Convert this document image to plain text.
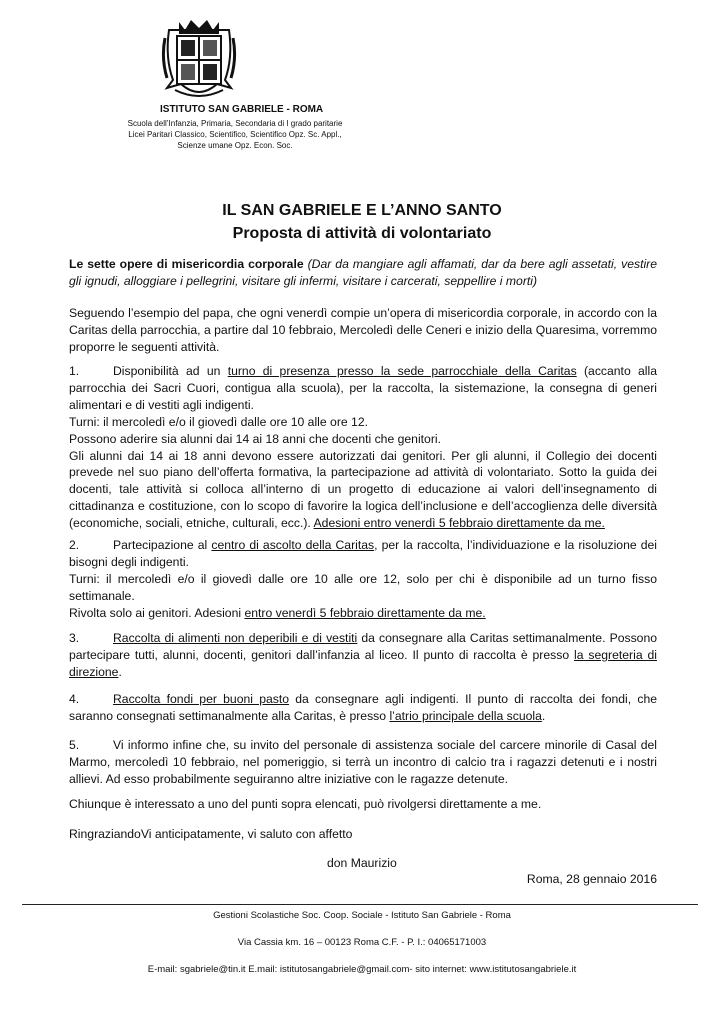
ISTITUTO SAN GABRIELE - ROMA
Scuola dell’Infanzia, Primaria, Secondaria di I grado paritarie
Licei Paritari Classico, Scientifico, Scientifico Opz. Sc. Appl.,
Scienze umane Opz. Econ. Soc.
IL SAN GABRIELE E L’ANNO SANTO
Proposta di attività di volontariato
Le sette opere di misericordia corporale (Dar da mangiare agli affamati, dar da bere agli assetati, vestire gli ignudi, alloggiare i pellegrini, visitare gli infermi, visitare i carcerati, seppellire i morti)
Seguendo l’esempio del papa, che ogni venerdì compie un’opera di misericordia corporale, in accordo con la Caritas della parrocchia, a partire dal 10 febbraio, Mercoledì delle Ceneri e inizio della Quaresima, vorremmo proporre le seguenti attività.

1.	Disponibilità ad un turno di presenza presso la sede parrocchiale della Caritas (accanto alla parrocchia dei Sacri Cuori, contigua alla scuola), per la raccolta, la sistemazione, la consegna di generi alimentari e di vestiti agli indigenti.

Turni: il mercoledì e/o il giovedì dalle ore 10 alle ore 12.

Possono aderire sia alunni dai 14 ai 18 anni che docenti che genitori.

Gli alunni dai 14 ai 18 anni devono essere autorizzati dai genitori. Per gli alunni, il Collegio dei docenti prevede nel suo piano dell’offerta formativa, la partecipazione ad attività di volontariato. Sotto la guida dei docenti, tale attività si colloca all’interno di un progetto di educazione ai valori dell’insegnamento di cittadinanza e costituzione, con lo scopo di favorire la logica dell’inclusione e dell’accoglienza delle diversità (economiche, sociali, etniche, culturali, ecc.). Adesioni entro venerdì 5 febbraio direttamente da me.

2.	Partecipazione al centro di ascolto della Caritas, per la raccolta, l’individuazione e la risoluzione dei bisogni degli indigenti.

Turni: il mercoledì e/o il giovedì dalle ore 10 alle ore 12, solo per chi è disponibile ad un turno fisso settimanale.

Rivolta solo ai genitori. Adesioni entro venerdì 5 febbraio direttamente da me.

3.	Raccolta di alimenti non deperibili e di vestiti da consegnare alla Caritas settimanalmente. Possono partecipare tutti, alunni, docenti, genitori dall’infanzia al liceo. Il punto di raccolta è presso la segreteria di direzione.

4.	Raccolta fondi per buoni pasto da consegnare agli indigenti. Il punto di raccolta dei fondi, che saranno consegnati settimanalmente alla Caritas, è presso l’atrio principale della scuola.

5.	Vi informo infine che, su invito del personale di assistenza sociale del carcere minorile di Casal del Marmo, mercoledì 10 febbraio, nel pomeriggio, si terrà un incontro di calcio tra i ragazzi detenuti e i nostri allievi. Ad esso probabilmente seguiranno altre iniziative con le ragazze detenute.

Chiunque è interessato a uno del punti sopra elencati, può rivolgersi direttamente a me.
RingraziandoVi anticipatamente, vi saluto con affetto
don Maurizio
Roma, 28 gennaio 2016
Gestioni Scolastiche Soc. Coop. Sociale - Istituto San Gabriele - Roma
Via Cassia km. 16 – 00123 Roma C.F. - P. I.: 04065171003
E-mail: sgabriele@tin.it E.mail: istitutosangabriele@gmail.com- sito internet: www.istitutosangabriele.it
